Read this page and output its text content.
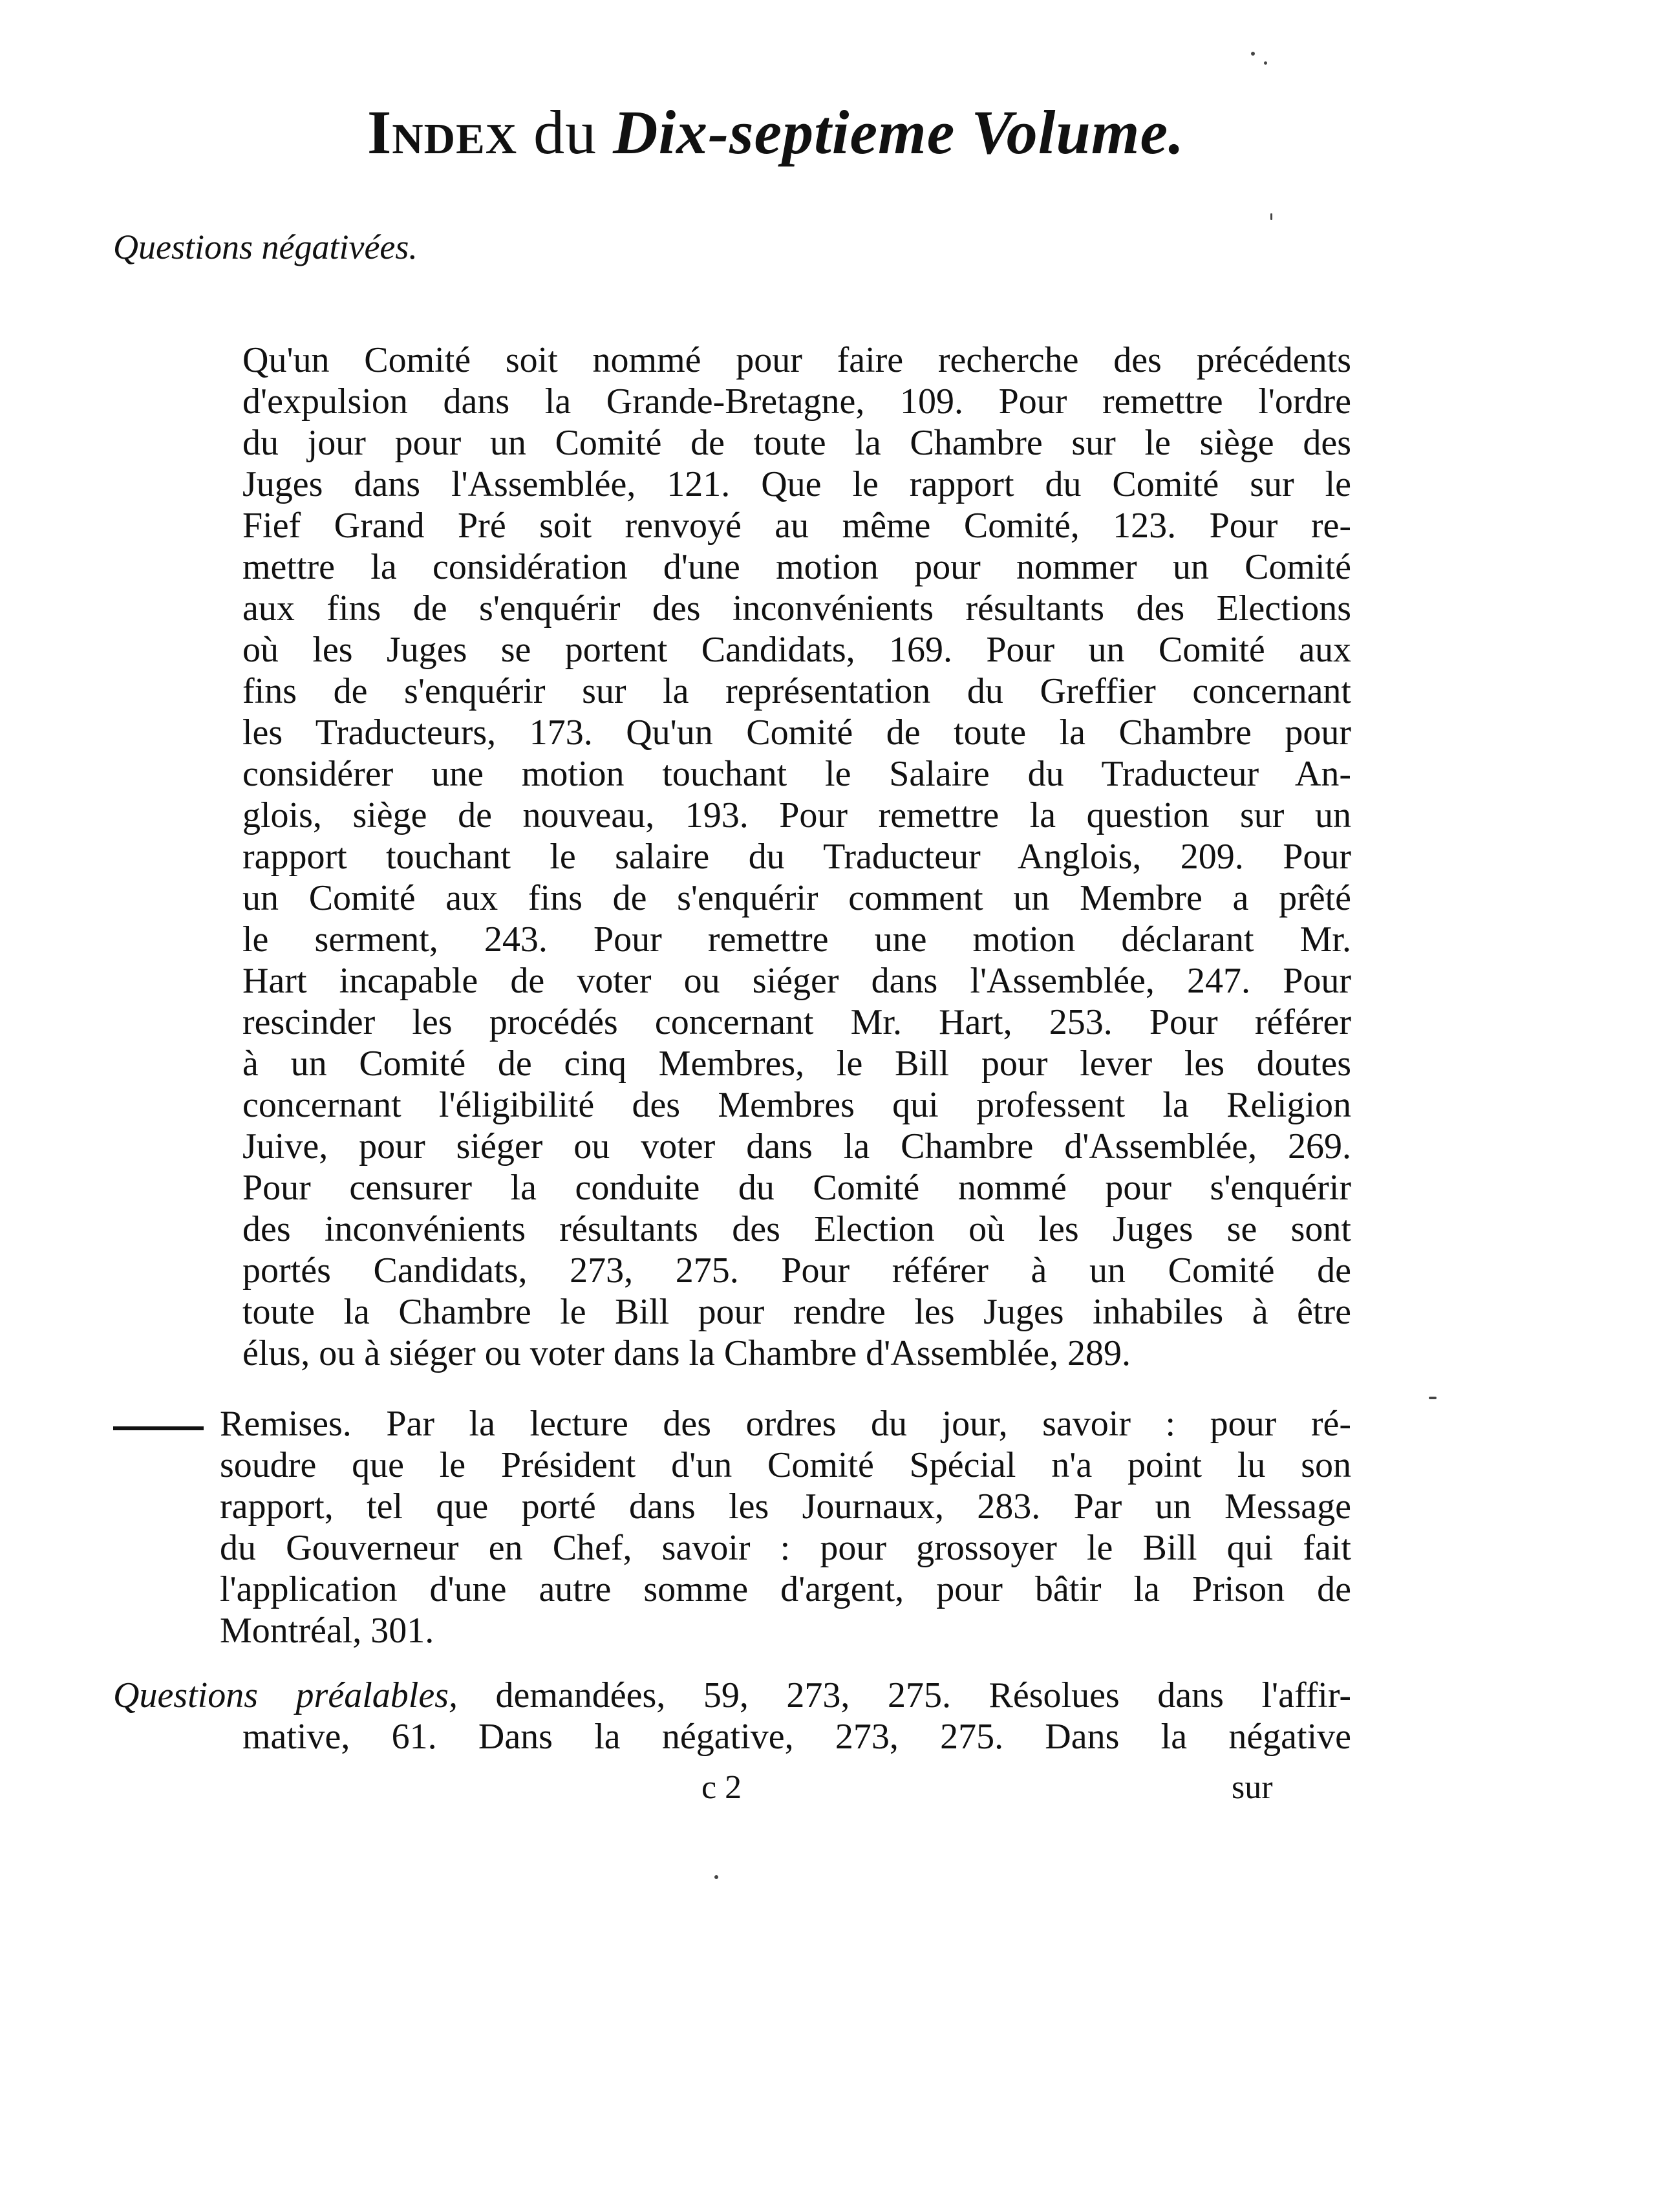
Index du Dix-septieme Volume.
Questions négativées.
Qu'un Comité soit nommé pour faire recherche des précédents
d'expulsion dans la Grande-Bretagne, 109. Pour remettre l'ordre
du jour pour un Comité de toute la Chambre sur le siège des
Juges dans l'Assemblée, 121. Que le rapport du Comité sur le
Fief Grand Pré soit renvoyé au même Comité, 123. Pour re-
mettre la considération d'une motion pour nommer un Comité
aux fins de s'enquérir des inconvénients résultants des Elections
où les Juges se portent Candidats, 169. Pour un Comité aux
fins de s'enquérir sur la représentation du Greffier concernant
les Traducteurs, 173. Qu'un Comité de toute la Chambre pour
considérer une motion touchant le Salaire du Traducteur An-
glois, siège de nouveau, 193. Pour remettre la question sur un
rapport touchant le salaire du Traducteur Anglois, 209. Pour
un Comité aux fins de s'enquérir comment un Membre a prêté
le serment, 243. Pour remettre une motion déclarant Mr.
Hart incapable de voter ou siéger dans l'Assemblée, 247. Pour
rescinder les procédés concernant Mr. Hart, 253. Pour référer
à un Comité de cinq Membres, le Bill pour lever les doutes
concernant l'éligibilité des Membres qui professent la Religion
Juive, pour siéger ou voter dans la Chambre d'Assemblée, 269.
Pour censurer la conduite du Comité nommé pour s'enquérir
des inconvénients résultants des Election où les Juges se sont
portés Candidats, 273, 275. Pour référer à un Comité de
toute la Chambre le Bill pour rendre les Juges inhabiles à être
élus, ou à siéger ou voter dans la Chambre d'Assemblée, 289.
Remises. Par la lecture des ordres du jour, savoir : pour ré-
soudre que le Président d'un Comité Spécial n'a point lu son
rapport, tel que porté dans les Journaux, 283. Par un Message
du Gouverneur en Chef, savoir : pour grossoyer le Bill qui fait
l'application d'une autre somme d'argent, pour bâtir la Prison de
Montréal, 301.
Questions préalables, demandées, 59, 273, 275. Résolues dans l'affir-
mative, 61. Dans la négative, 273, 275. Dans la négative
c 2	sur
